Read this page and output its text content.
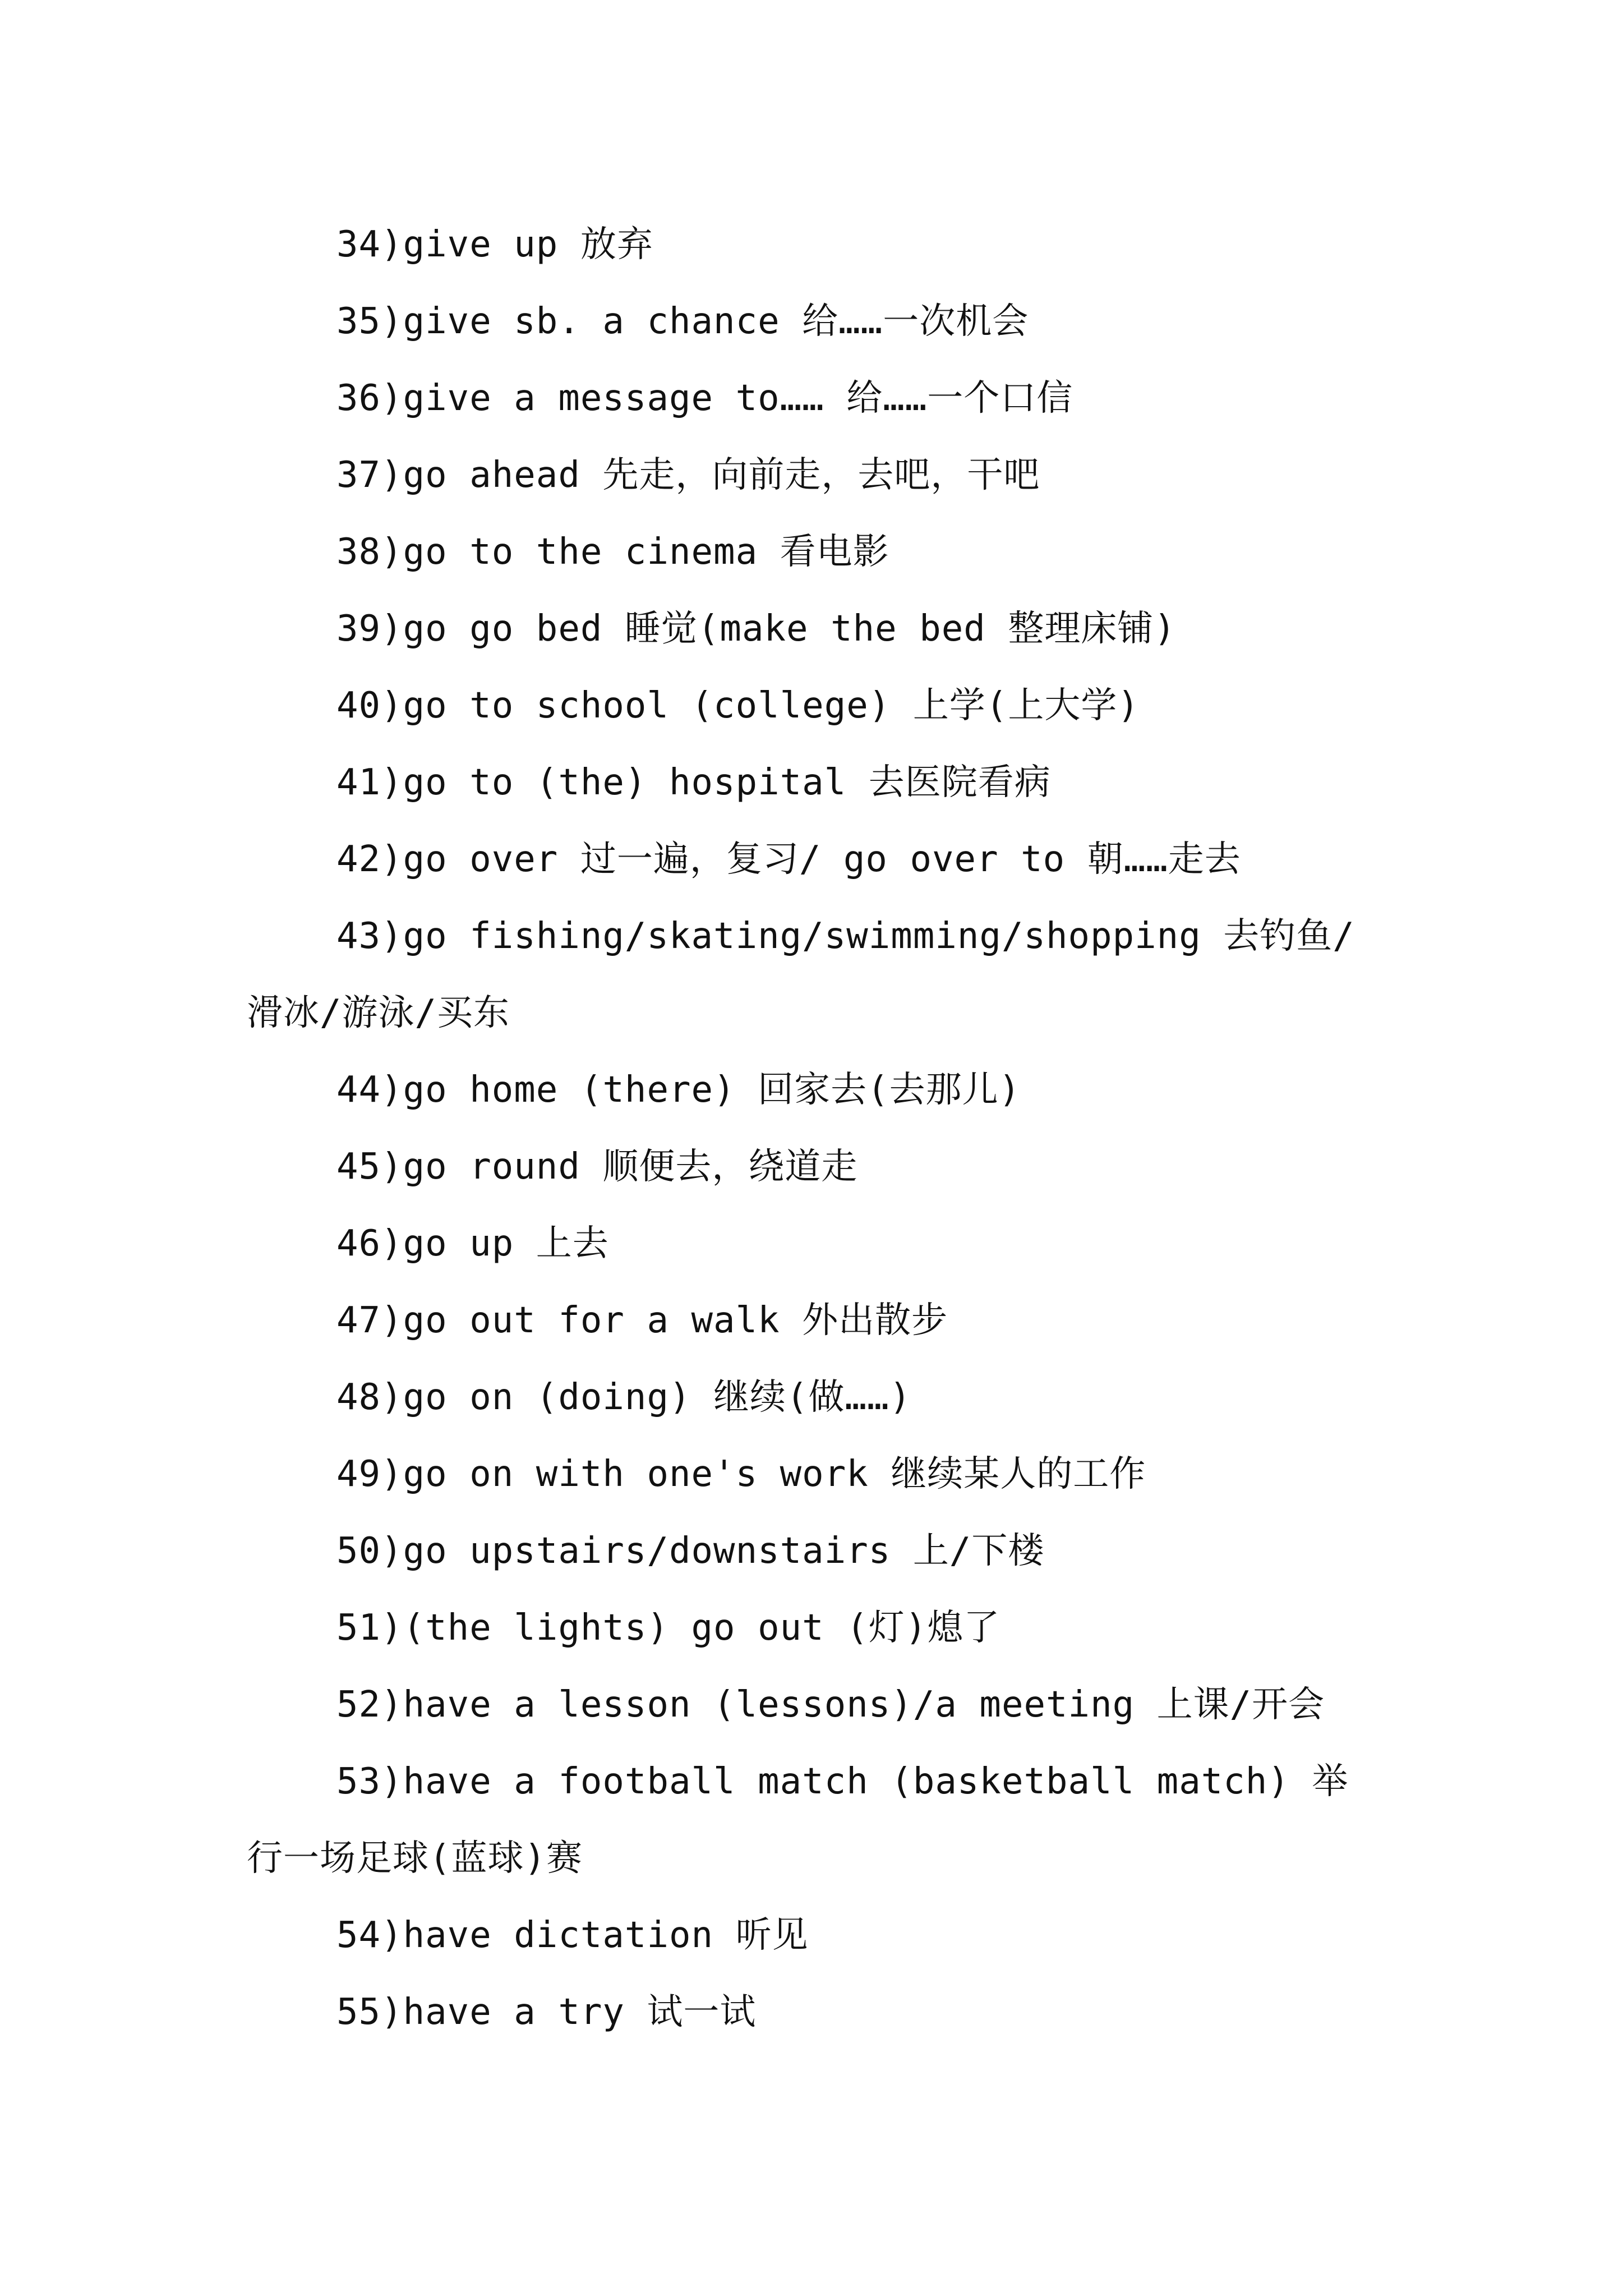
34)give up 放弃
35)give sb. a chance 给……一次机会
36)give a message to…… 给……一个口信
37)go ahead 先走，向前走，去吧，干吧
38)go to the cinema 看电影
39)go go bed 睡觉(make the bed 整理床铺)
40)go to school (college) 上学(上大学)
41)go to (the) hospital 去医院看病
42)go over 过一遍，复习/ go over to 朝……走去
43)go fishing/skating/swimming/shopping 去钓鱼/
滑冰/游泳/买东
44)go home (there) 回家去(去那儿)
45)go round 顺便去，绕道走
46)go up 上去
47)go out for a walk 外出散步
48)go on (doing) 继续(做……)
49)go on with one's work 继续某人的工作
50)go upstairs/downstairs 上/下楼
51)(the lights) go out (灯)熄了
52)have a lesson (lessons)/a meeting 上课/开会
53)have a football match (basketball match) 举
行一场足球(蓝球)赛
54)have dictation 听见
55)have a try 试一试
